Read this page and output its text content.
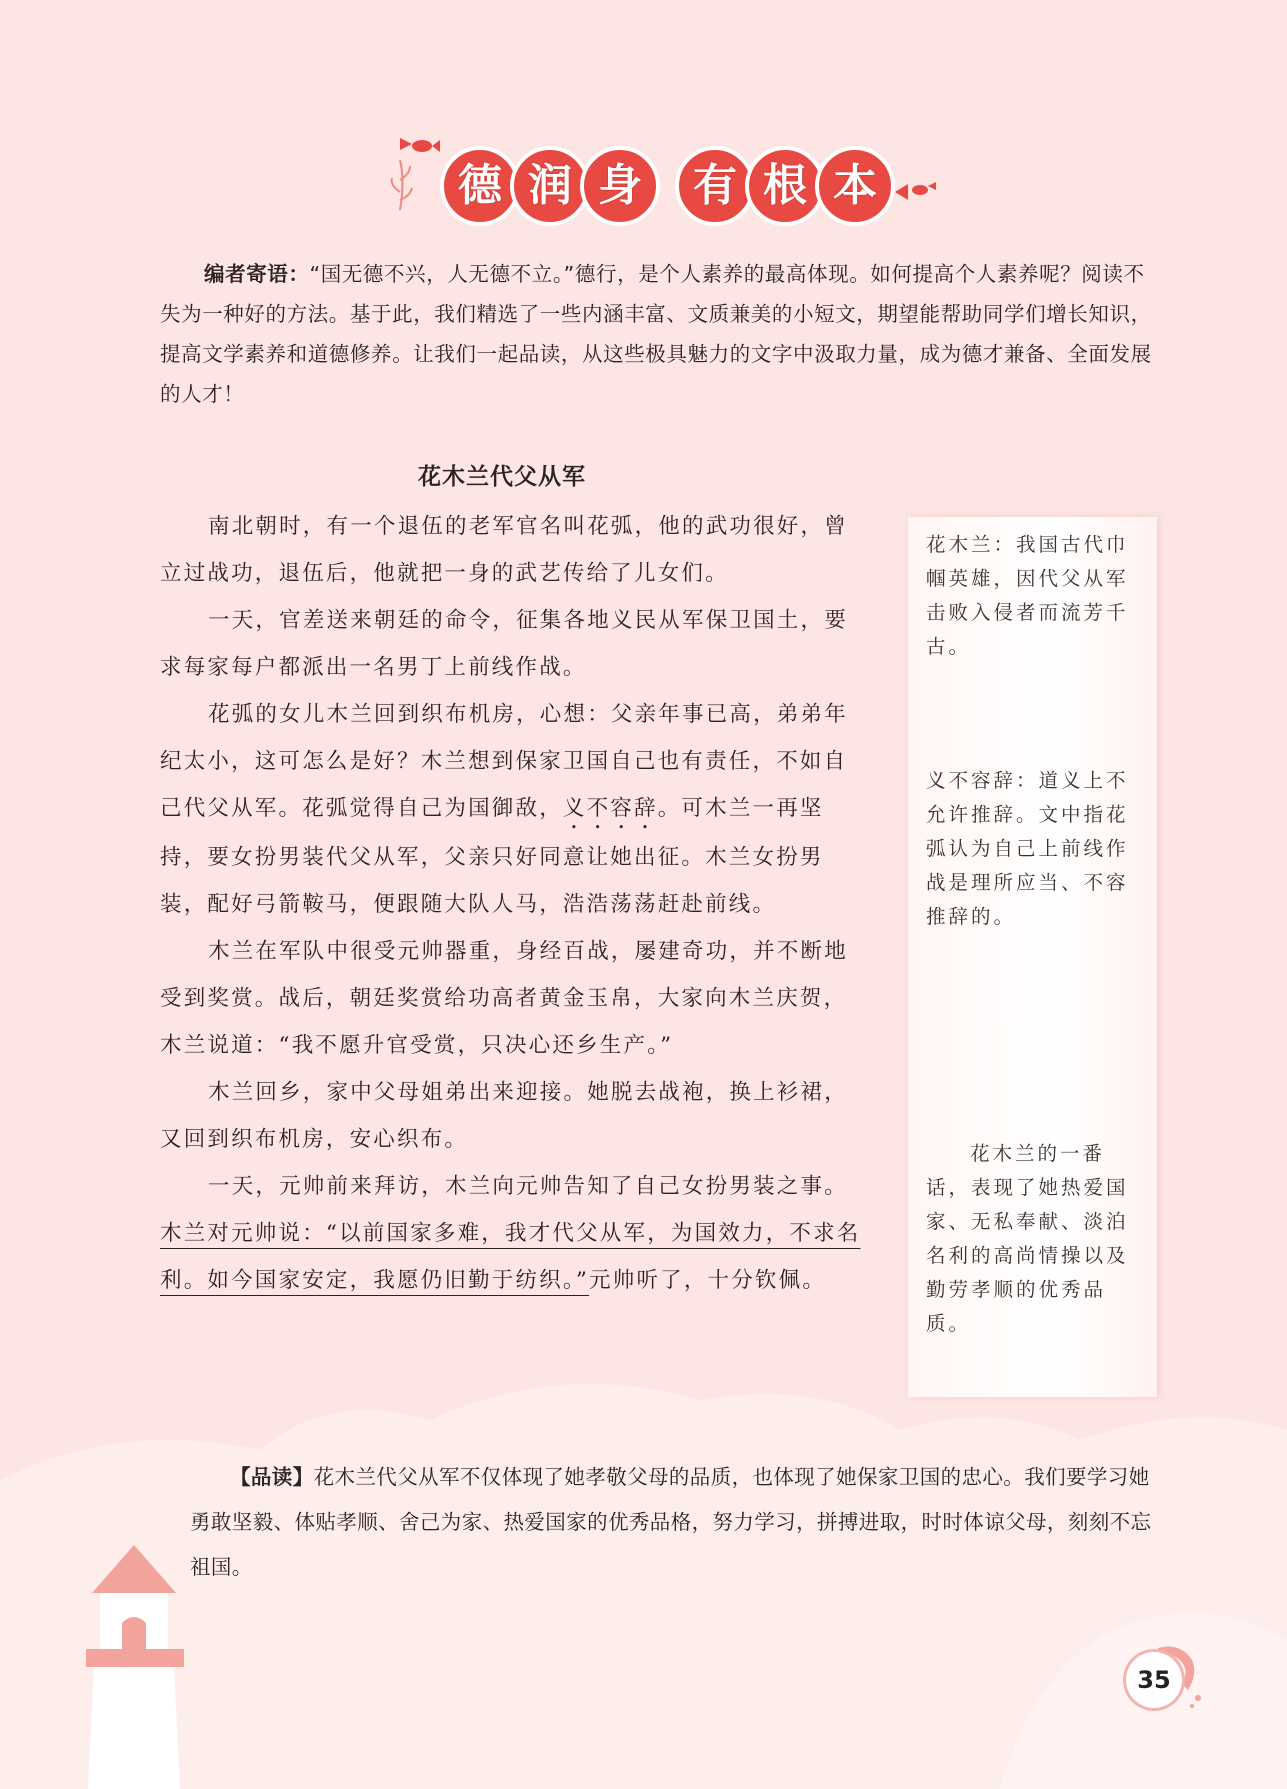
德 润 身 有 根 本

编者寄语：“国无德不兴，人无德不立。”德行，是个人素养的最高体现。如何提高个人素养呢？阅读不失为一种好的方法。基于此，我们精选了一些内涵丰富、文质兼美的小短文，期望能帮助同学们增长知识，提高文学素养和道德修养。让我们一起品读，从这些极具魅力的文字中汲取力量，成为德才兼备、全面发展的人才！

花木兰代父从军

南北朝时，有一个退伍的老军官名叫花弧，他的武功很好，曾立过战功，退伍后，他就把一身的武艺传给了儿女们。

一天，官差送来朝廷的命令，征集各地义民从军保卫国土，要求每家每户都派出一名男丁上前线作战。

花弧的女儿木兰回到织布机房，心想：父亲年事已高，弟弟年纪太小，这可怎么是好？木兰想到保家卫国自己也有责任，不如自己代父从军。花弧觉得自己为国御敌，义不容辞。可木兰一再坚持，要女扮男装代父从军，父亲只好同意让她出征。木兰女扮男装，配好弓箭鞍马，便跟随大队人马，浩浩荡荡赶赴前线。

木兰在军队中很受元帅器重，身经百战，屡建奇功，并不断地受到奖赏。战后，朝廷奖赏给功高者黄金玉帛，大家向木兰庆贺，木兰说道：“我不愿升官受赏，只决心还乡生产。”

木兰回乡，家中父母姐弟出来迎接。她脱去战袍，换上衫裙，又回到织布机房，安心织布。

一天，元帅前来拜访，木兰向元帅告知了自己女扮男装之事。木兰对元帅说：“以前国家多难，我才代父从军，为国效力，不求名利。如今国家安定，我愿仍旧勤于纺织。”元帅听了，十分钦佩。

花木兰：我国古代巾帼英雄，因代父从军击败入侵者而流芳千古。

义不容辞：道义上不允许推辞。文中指花弧认为自己上前线作战是理所应当、不容推辞的。

花木兰的一番话，表现了她热爱国家、无私奉献、淡泊名利的高尚情操以及勤劳孝顺的优秀品质。

【品读】花木兰代父从军不仅体现了她孝敬父母的品质，也体现了她保家卫国的忠心。我们要学习她勇敢坚毅、体贴孝顺、舍己为家、热爱国家的优秀品格，努力学习，拼搏进取，时时体谅父母，刻刻不忘祖国。

35
